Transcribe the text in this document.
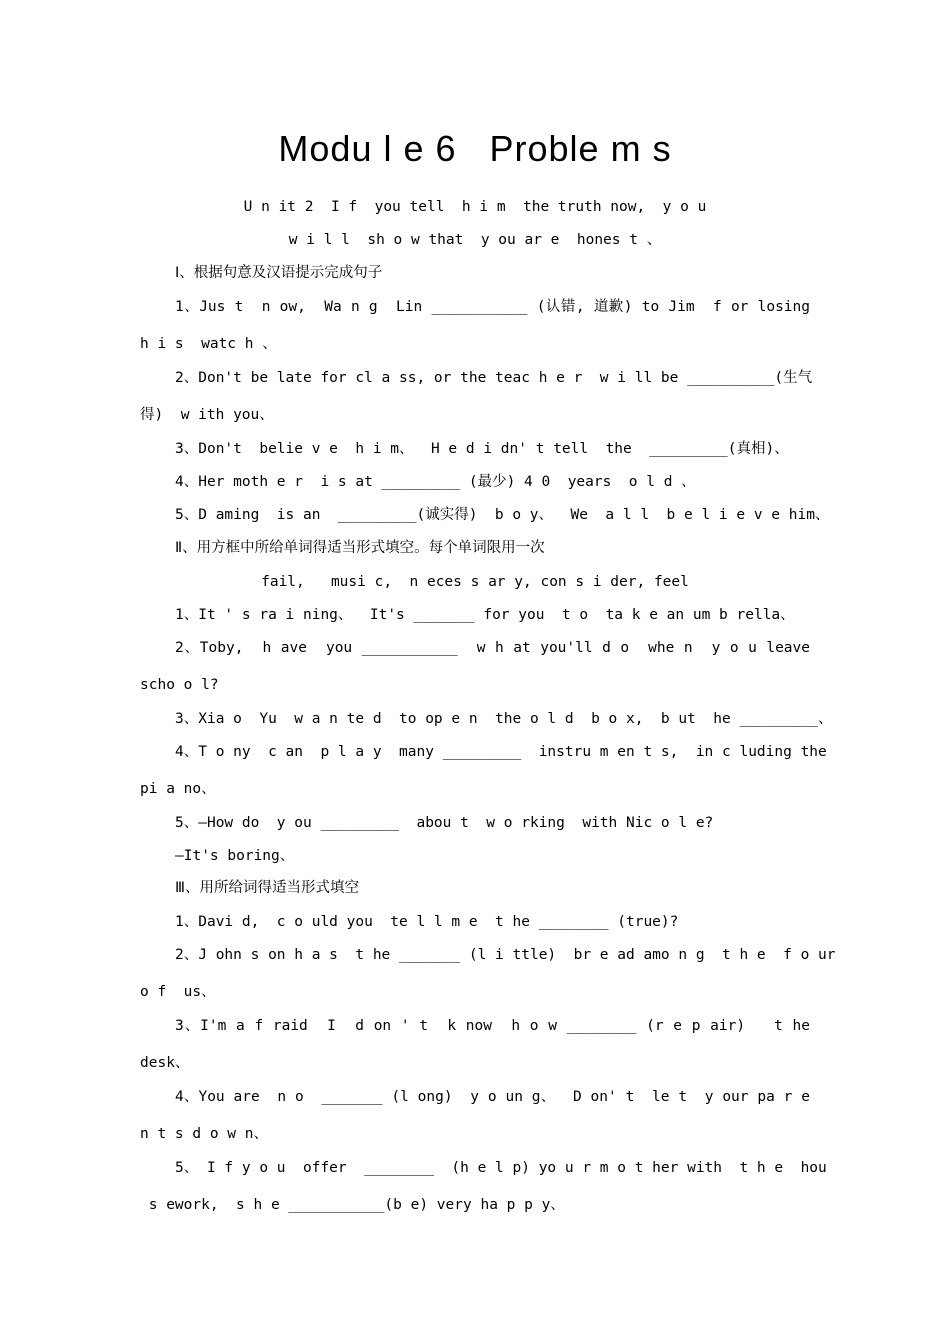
Modu l e 6   Proble m s
U n it 2  I f  you tell  h i m  the truth now,  y o u
w i l l  sh o w that  y ou ar e  hones t 、
Ⅰ、根据句意及汉语提示完成句子
1、Jus t  n ow,  Wa n g  Lin ___________ (认错, 道歉) to Jim  f or losing
h i s  watc h 、
2、Don't be late for cl a ss, or the teac h e r  w i ll be __________(生气
得)  w ith you、
3、Don't  belie v e  h i m、  H e d i dn' t tell  the  _________(真相)、
4、Her moth e r  i s at _________ (最少) 4 0  years  o l d 、
5、D aming  is an  _________(诚实得)  b o y、  We  a l l  b e l i e v e him、
Ⅱ、用方框中所给单词得适当形式填空。每个单词限用一次
fail,   musi c,  n eces s ar y, con s i der, feel
1、It ' s ra i ning、  It's _______ for you  t o  ta k e an um b rella、
2、Toby,  h ave  you ___________  w h at you'll d o  whe n  y o u leave
scho o l?
3、Xia o  Yu  w a n te d  to op e n  the o l d  b o x,  b ut  he _________、
4、T o ny  c an  p l a y  many _________  instru m en t s,  in c luding the
pi a no、
5、—How do  y ou _________  abou t  w o rking  with Nic o l e?
—It's boring、
Ⅲ、用所给词得适当形式填空
1、Davi d,  c o uld you  te l l m e  t he ________ (true)?
2、J ohn s on h a s  t he _______ (l i ttle)  br e ad amo n g  t h e  f o ur
o f  us、
3、I'm a f raid  I  d on ' t  k now  h o w ________ (r e p air)   t he
desk、
4、You are  n o  _______ (l ong)  y o un g、  D on' t  le t  y our pa r e
n t s d o w n、
5、 I f y o u  offer  ________  (h e l p) yo u r m o t her with  t h e  hou
s ework,  s h e ___________(b e) very ha p p y、
